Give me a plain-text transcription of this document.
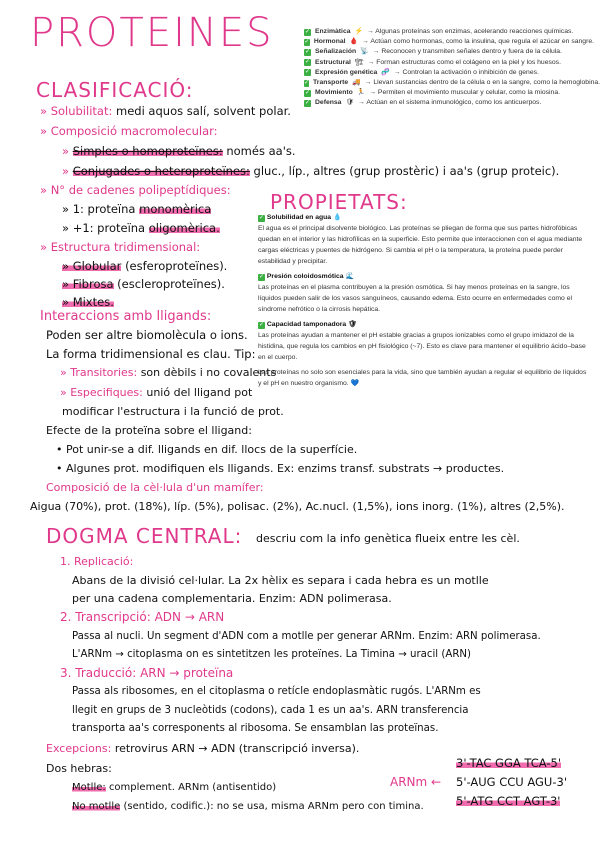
PROTEINES	✓ Enzimàtica ⚡ → Algunas proteínas son enzimas, acelerando reacciones químicas.
✓ Hormonal 🩸 → Actúan como hormonas, como la insulina, que regula el azúcar en sangre.
✓ Señalización 📡 → Reconocen y transmiten señales dentro y fuera de la célula.
✓ Estructural 🏗 → Forman estructuras como el colágeno en la piel y los huesos.
✓ Expresión genética 🧬 → Controlan la activación o inhibición de genes.
✓ Transporte 🚚 → Llevan sustancias dentro de la célula o en la sangre, como la hemoglobina.
✓ Movimiento 🏃 → Permiten el movimiento muscular y celular, como la miosina.
✓ Defensa 🛡 → Actúan en el sistema inmunológico, como los anticuerpos.
CLASIFICACIÓ:
» Solubilitat: medi aquos salí, solvent polar.
» Composició macromolecular:
» Simples o homoproteïnes: només aa's.
» Conjugades o heteroproteïnes: gluc., líp., altres (grup prostèric) i aa's (grup proteic).
» N° de cadenes polipeptídiques:
» 1: proteïna monomèrica
» +1: proteïna oligomèrica.
» Estructura tridimensional:
» Globular (esferoproteïnes).
» Fibrosa (escleroproteïnes).
» Mixtes.
PROPIETATS:
✓ Solubilidad en agua 💧
El agua es el principal disolvente biológico. Las proteínas se pliegan de forma que sus partes hidrofóbicas quedan en el interior y las hidrofílicas en la superficie. Esto permite que interaccionen con el agua mediante cargas eléctricas y puentes de hidrógeno. Si cambia el pH o la temperatura, la proteína puede perder estabilidad y precipitar.
✓ Presión coloidosmótica 🌊
Las proteínas en el plasma contribuyen a la presión osmótica. Si hay menos proteínas en la sangre, los líquidos pueden salir de los vasos sanguíneos, causando edema. Esto ocurre en enfermedades como el síndrome nefrótico o la cirrosis hepática.
✓ Capacidad tamponadora 🛡
Las proteínas ayudan a mantener el pH estable gracias a grupos ionizables como el grupo imidazol de la histidina, que regula los cambios en pH fisiológico (~7). Esto es clave para mantener el equilibrio ácido–base en el cuerpo.
Las proteínas no solo son esenciales para la vida, sino que también ayudan a regular el equilibrio de líquidos y el pH en nuestro organismo. 💙
Interaccions amb lligands:
Poden ser altre biomolècula o ions.
La forma tridimensional es clau. Tip:
» Transitories: son dèbils i no covalents
» Especifiques: unió del lligand pot
modificar l'estructura i la funció de prot.
Efecte de la proteïna sobre el lligand:
• Pot unir-se a dif. lligands en dif. llocs de la superfície.
• Algunes prot. modifiquen els lligands. Ex: enzims transf. substrats → productes.
Composició de la cèl·lula d'un mamífer:
Aigua (70%), prot. (18%), líp. (5%), polisac. (2%), Ac.nucl. (1,5%), ions inorg. (1%), altres (2,5%).
DOGMA CENTRAL: descriu com la info genètica flueix entre les cèl.
1. Replicació:
Abans de la divisió cel·lular. La 2x hèlix es separa i cada hebra es un motlle
per una cadena complementaria. Enzim: ADN polimerasa.
2. Transcripció: ADN → ARN
Passa al nucli. Un segment d'ADN com a motlle per generar ARNm. Enzim: ARN polimerasa.
L'ARNm → citoplasma on es sintetitzen les proteïnes. La Timina → uracil (ARN)
3. Traducció: ARN → proteïna
Passa als ribosomes, en el citoplasma o retícle endoplasmàtic rugós. L'ARNm es
llegit en grups de 3 nucleòtids (codons), cada 1 es un aa's. ARN transferencia
transporta aa's corresponents al ribosoma. Se ensamblan las proteïnas.
Excepcions: retrovirus ARN → ADN (transcripció inversa).
Dos hebras:
Motlle: complement. ARNm (antisentido)
No motlle (sentido, codific.): no se usa, misma ARNm pero con timina.
ARNm ←
3'-TAC GGA TCA-5'
5'-AUG CCU AGU-3'
5'-ATG CCT AGT-3'
